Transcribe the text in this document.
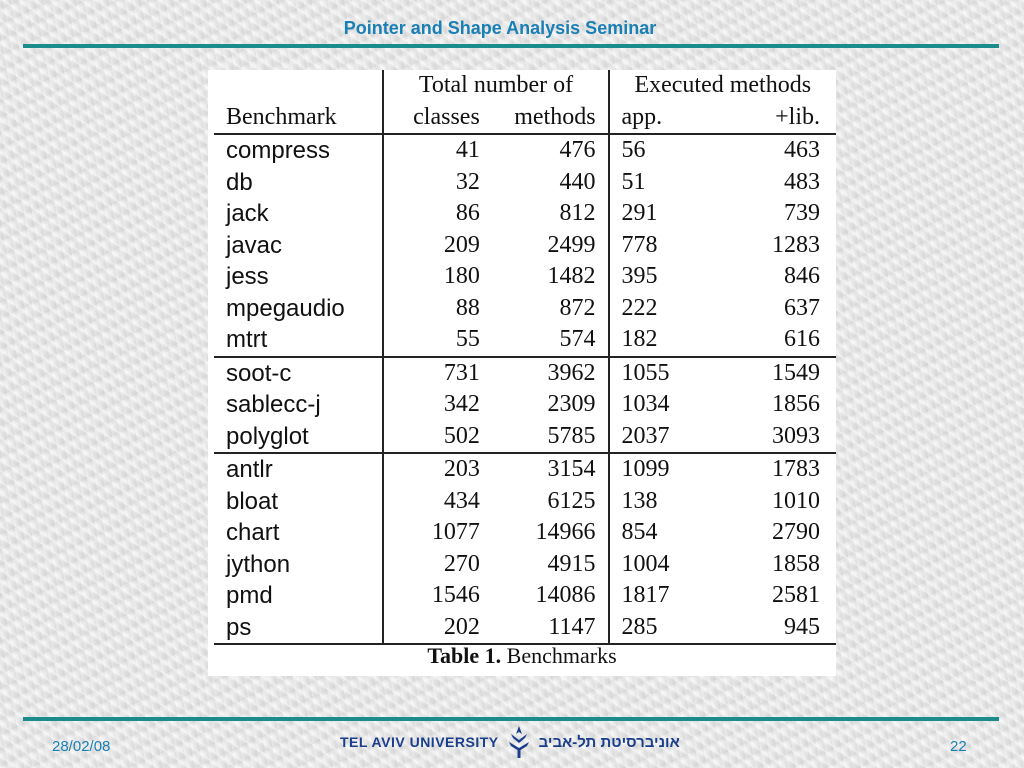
Pointer and Shape Analysis Seminar
	Total number of		Executed methods	
Benchmark	classes	methods	app.	+lib.
compress	41	476	56	463
db	32	440	51	483
jack	86	812	291	739
javac	209	2499	778	1283
jess	180	1482	395	846
mpegaudio	88	872	222	637
mtrt	55	574	182	616
soot-c	731	3962	1055	1549
sablecc-j	342	2309	1034	1856
polyglot	502	5785	2037	3093
antlr	203	3154	1099	1783
bloat	434	6125	138	1010
chart	1077	14966	854	2790
jython	270	4915	1004	1858
pmd	1546	14086	1817	2581
ps	202	1147	285	945
Table 1. Benchmarks
28/02/08	TEL AVIV UNIVERSITY	אוניברסיטת תל-אביב	22
